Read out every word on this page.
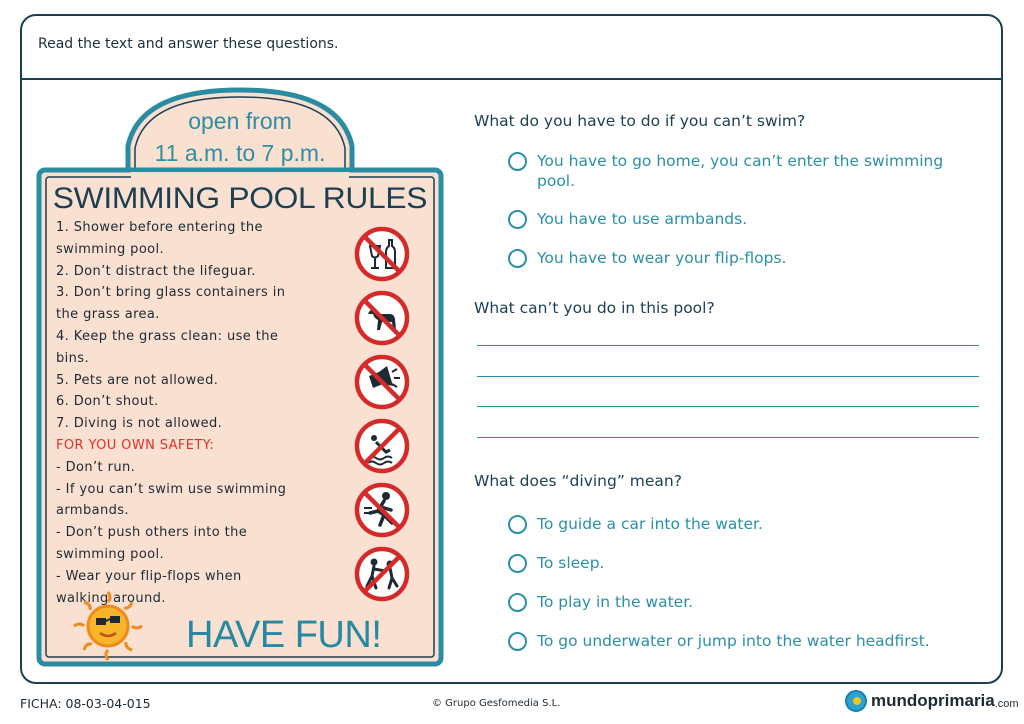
Read the text and answer these questions.
open from
11 a.m. to 7 p.m.
SWIMMING POOL RULES
1. Shower before entering the
swimming pool.
2. Don’t distract the lifeguar.
3. Don’t bring glass containers in
the grass area.
4. Keep the grass clean: use the
bins.
5. Pets are not allowed.
6. Don’t shout.
7. Diving is not allowed.
FOR YOU OWN SAFETY:
- Don’t run.
- If you can’t swim use swimming
armbands.
- Don’t push others into the
swimming pool.
- Wear your flip-flops when
walking around.
HAVE FUN!
What do you have to do if you can’t swim?
You have to go home, you can’t enter the swimming pool.
You have to use armbands.
You have to wear your flip-flops.
What can’t you do in this pool?
What does “diving” mean?
To guide a car into the water.
To sleep.
To play in the water.
To go underwater or jump into the water headfirst.
FICHA: 08-03-04-015	© Grupo Gesfomedia S.L.	mundoprimaria .com
